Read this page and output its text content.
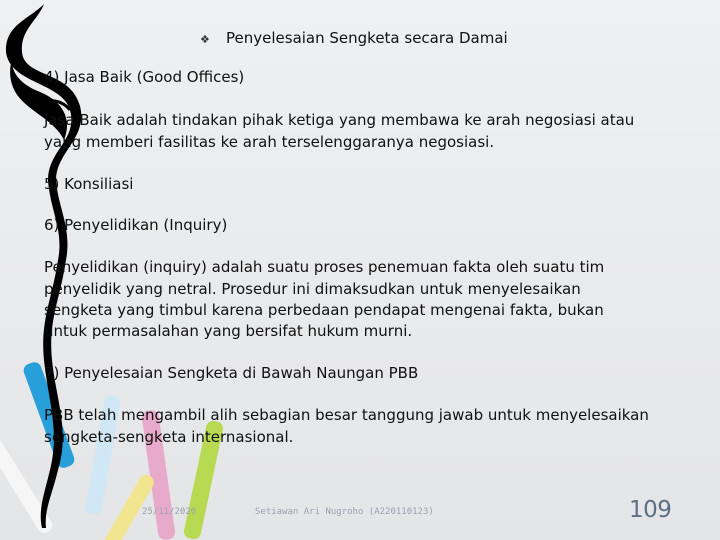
❖ Penyelesaian Sengketa secara Damai
4) Jasa Baik (Good Offices)
Jasa Baik adalah tindakan pihak ketiga yang membawa ke arah negosiasi atau
yang memberi fasilitas ke arah terselenggaranya negosiasi.
5) Konsiliasi
6) Penyelidikan (Inquiry)
Penyelidikan (inquiry) adalah suatu proses penemuan fakta oleh suatu tim
penyelidik yang netral. Prosedur ini dimaksudkan untuk menyelesaikan
sengketa yang timbul karena perbedaan pendapat mengenai fakta, bukan
untuk permasalahan yang bersifat hukum murni.
7) Penyelesaian Sengketa di Bawah Naungan PBB
PBB telah mengambil alih sebagian besar tanggung jawab untuk menyelesaikan
sengketa-sengketa internasional.
25/11/2020	Setiawan Ari Nugroho (A220110123)	109
